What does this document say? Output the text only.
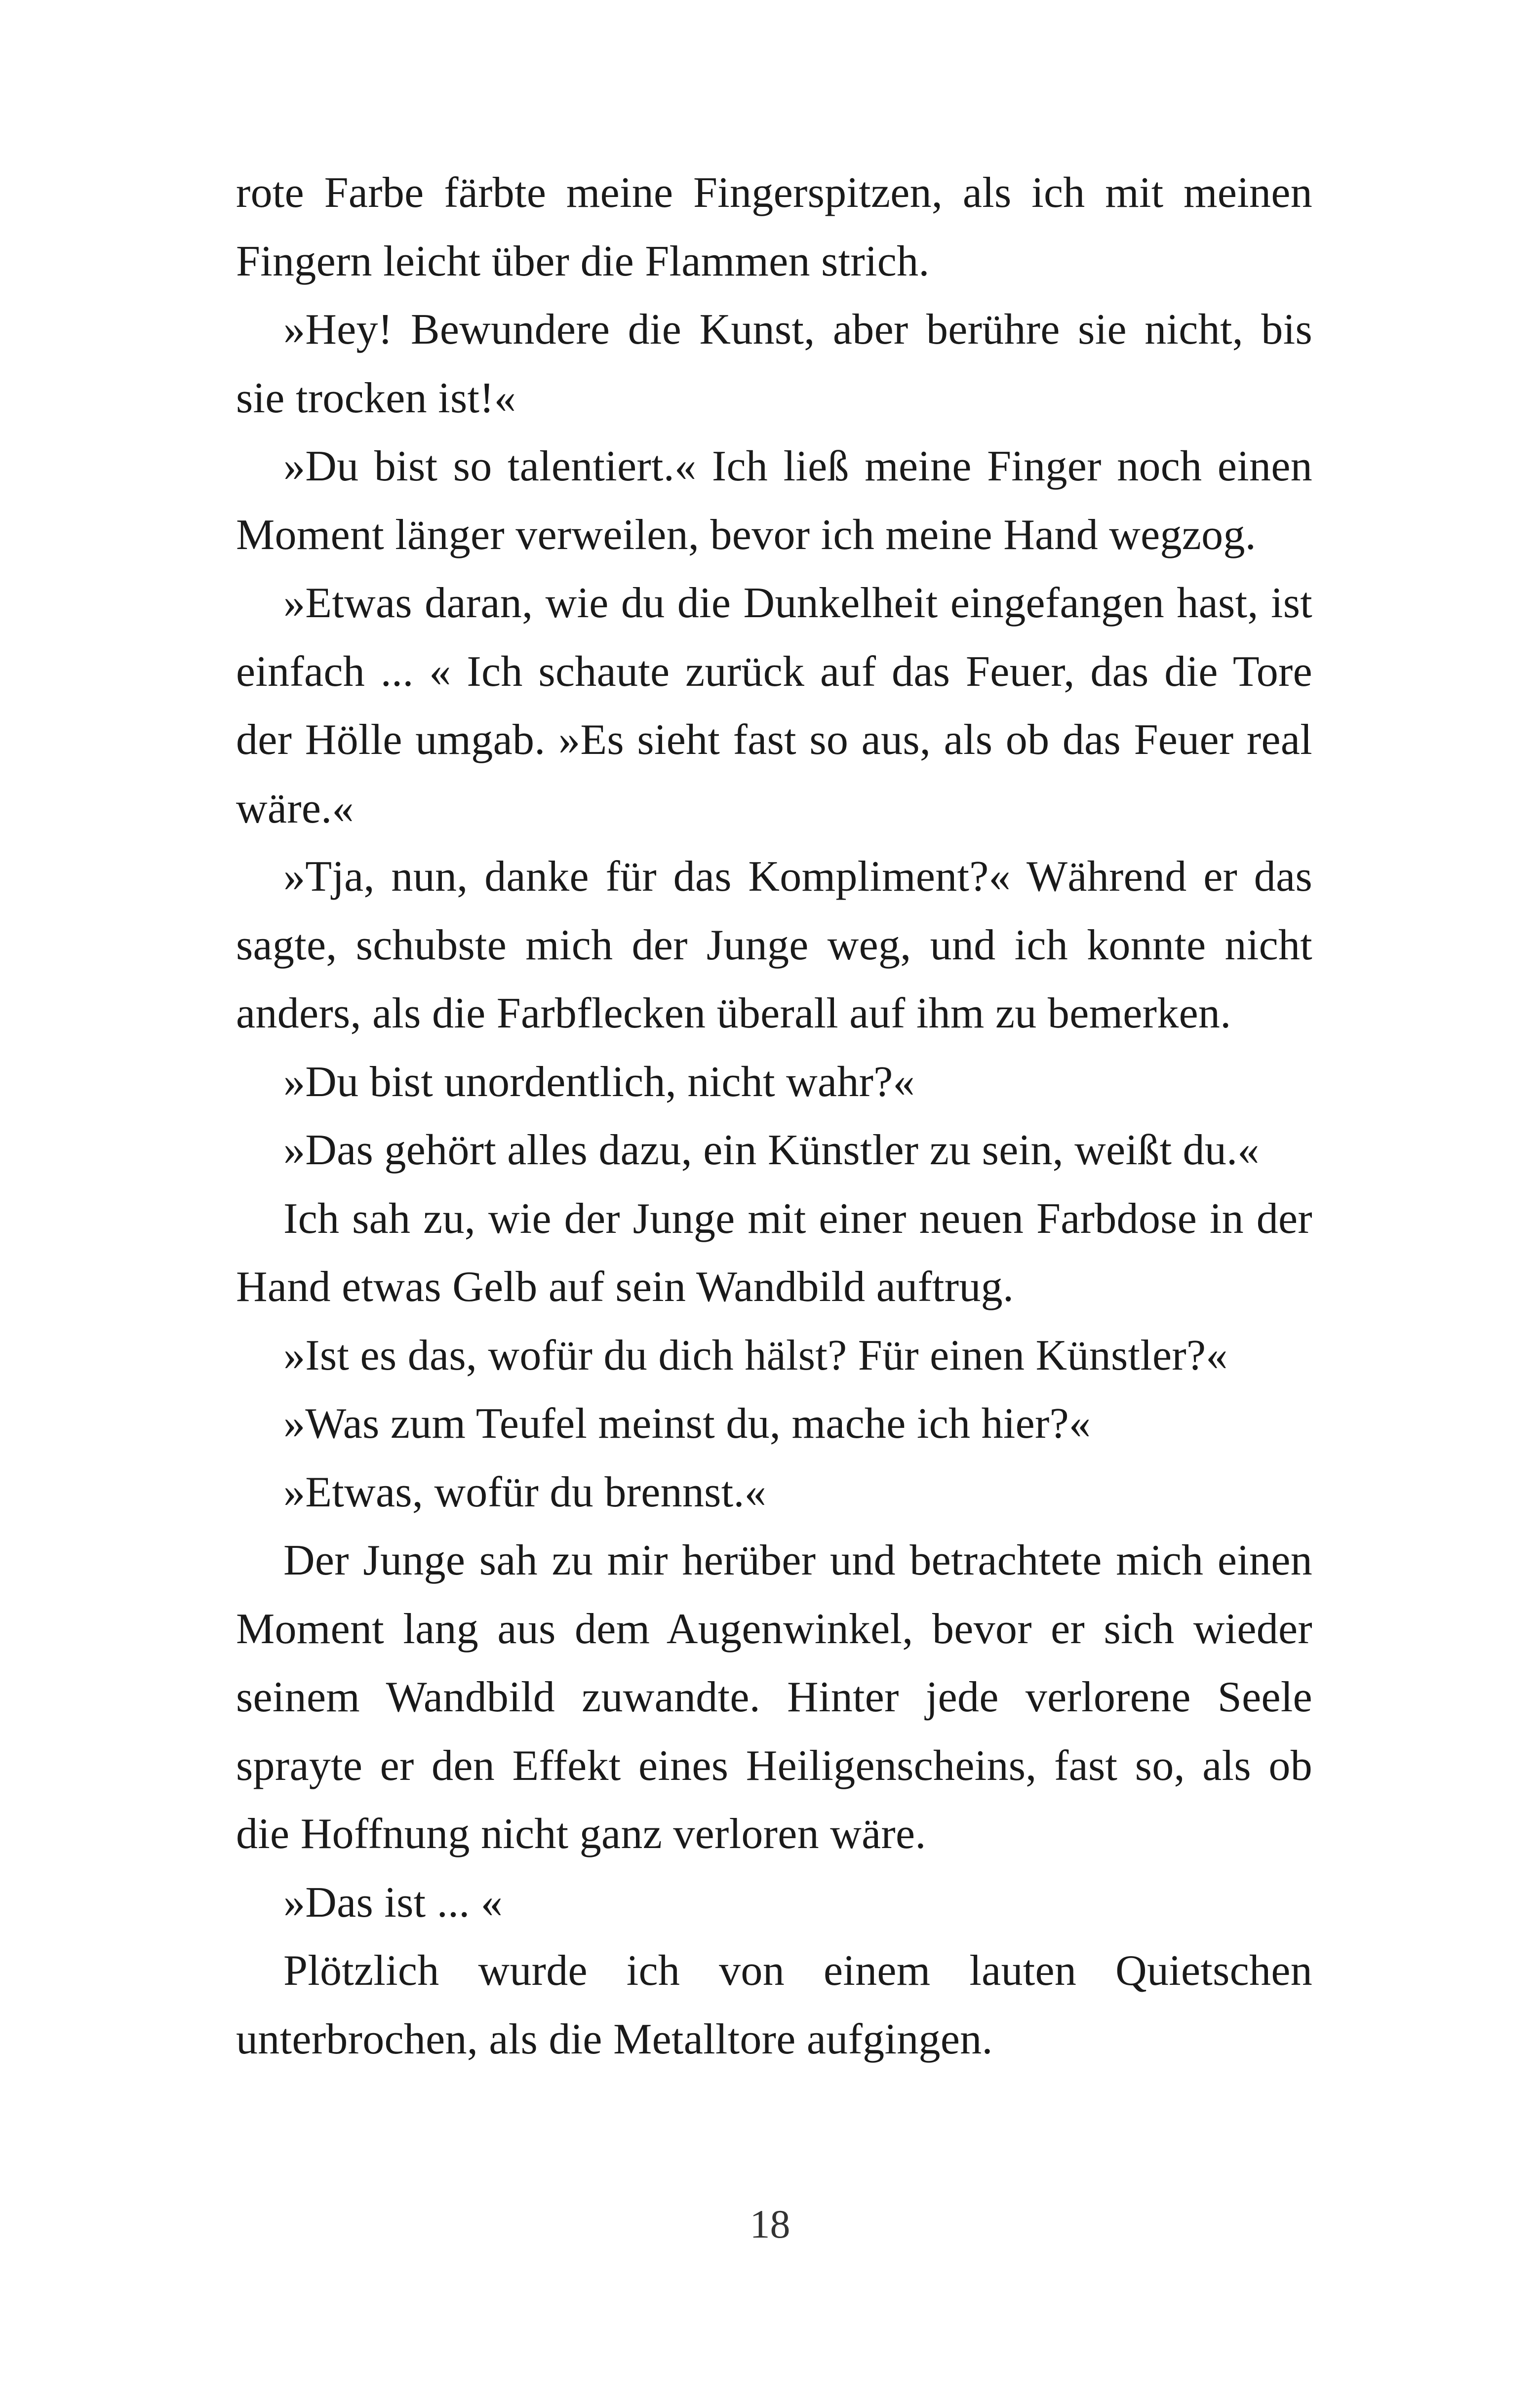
rote Farbe färbte meine Fingerspitzen, als ich mit meinen Fingern leicht über die Flammen strich.

»Hey! Bewundere die Kunst, aber berühre sie nicht, bis sie trocken ist!«

»Du bist so talentiert.« Ich ließ meine Finger noch einen Moment länger verweilen, bevor ich meine Hand wegzog.

»Etwas daran, wie du die Dunkelheit eingefangen hast, ist einfach ... « Ich schaute zurück auf das Feuer, das die Tore der Hölle umgab. »Es sieht fast so aus, als ob das Feuer real wäre.«

»Tja, nun, danke für das Kompliment?« Während er das sagte, schubste mich der Junge weg, und ich konnte nicht anders, als die Farbflecken überall auf ihm zu bemerken.

»Du bist unordentlich, nicht wahr?«

»Das gehört alles dazu, ein Künstler zu sein, weißt du.«

Ich sah zu, wie der Junge mit einer neuen Farbdose in der Hand etwas Gelb auf sein Wandbild auftrug.

»Ist es das, wofür du dich hälst? Für einen Künstler?«

»Was zum Teufel meinst du, mache ich hier?«

»Etwas, wofür du brennst.«

Der Junge sah zu mir herüber und betrachtete mich einen Moment lang aus dem Augenwinkel, bevor er sich wieder seinem Wandbild zuwandte. Hinter jede verlorene Seele sprayte er den Effekt eines Heiligenscheins, fast so, als ob die Hoffnung nicht ganz verloren wäre.

»Das ist ... «

Plötzlich wurde ich von einem lauten Quietschen unterbrochen, als die Metalltore aufgingen.

18
